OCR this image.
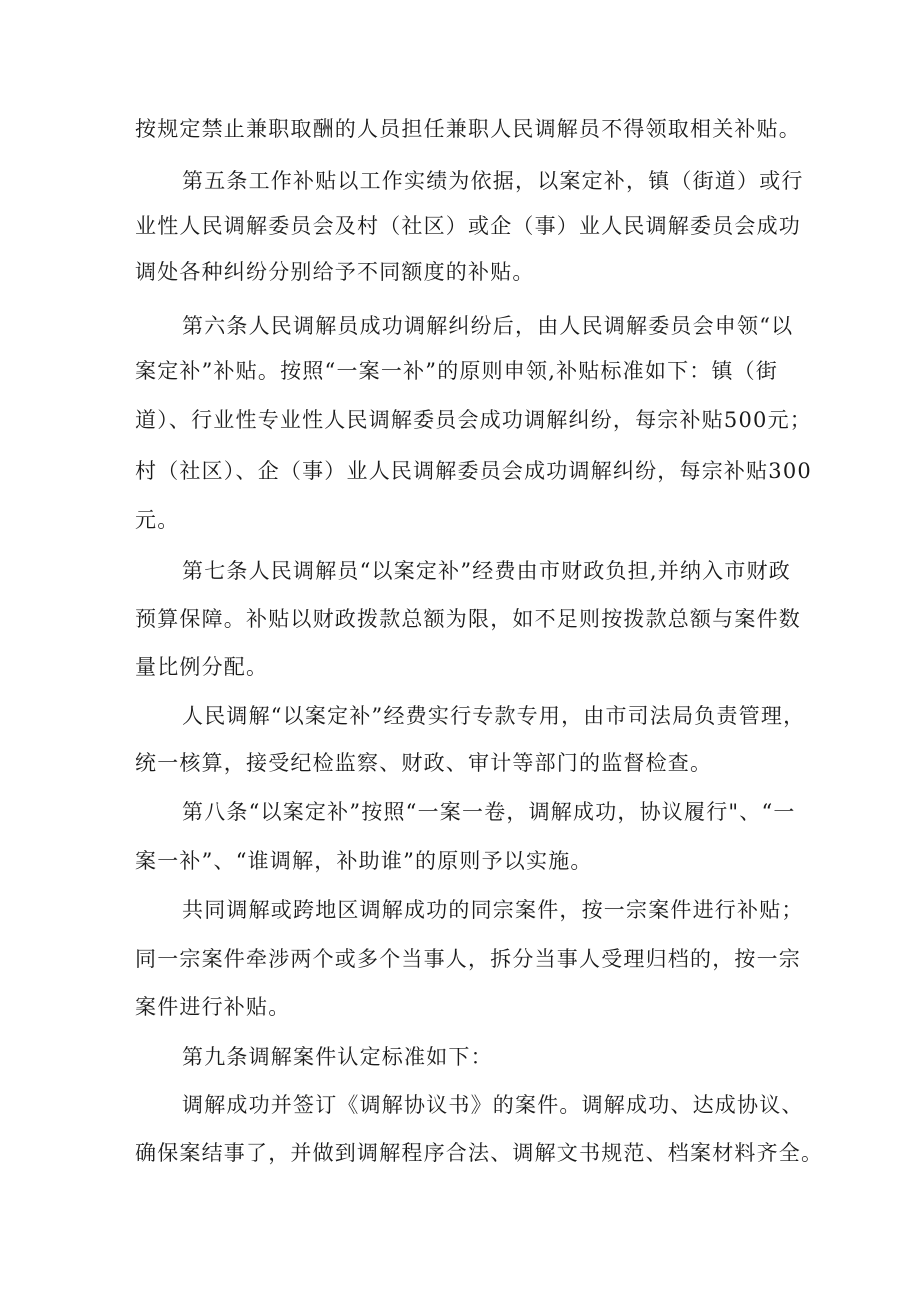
按规定禁止兼职取酬的人员担任兼职人民调解员不得领取相关补贴。
第五条工作补贴以工作实绩为依据，以案定补，镇（街道）或行
业性人民调解委员会及村（社区）或企（事）业人民调解委员会成功
调处各种纠纷分别给予不同额度的补贴。
第六条人民调解员成功调解纠纷后，由人民调解委员会申领“以
案定补”补贴。按照“一案一补”的原则申领,补贴标准如下：镇（街
道）、行业性专业性人民调解委员会成功调解纠纷，每宗补贴500元；
村（社区）、企（事）业人民调解委员会成功调解纠纷，每宗补贴300
元。
第七条人民调解员“以案定补”经费由市财政负担,并纳入市财政
预算保障。补贴以财政拨款总额为限，如不足则按拨款总额与案件数
量比例分配。
人民调解“以案定补”经费实行专款专用，由市司法局负责管理，
统一核算，接受纪检监察、财政、审计等部门的监督检查。
第八条“以案定补”按照“一案一卷，调解成功，协议履行"、“一
案一补”、“谁调解，补助谁”的原则予以实施。
共同调解或跨地区调解成功的同宗案件，按一宗案件进行补贴；
同一宗案件牵涉两个或多个当事人，拆分当事人受理归档的，按一宗
案件进行补贴。
第九条调解案件认定标准如下：
调解成功并签订《调解协议书》的案件。调解成功、达成协议、
确保案结事了，并做到调解程序合法、调解文书规范、档案材料齐全。
